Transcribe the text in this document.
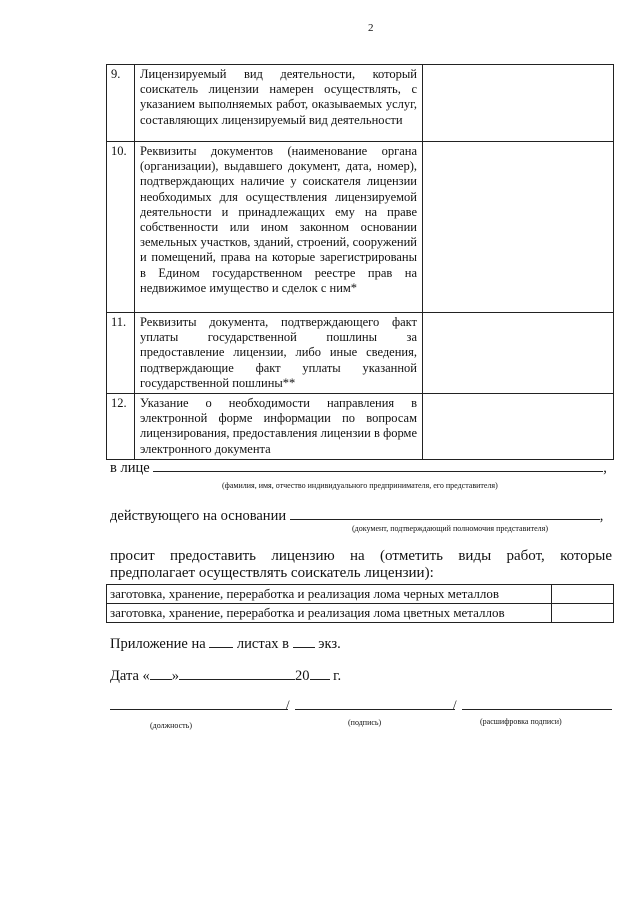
2
9.	Лицензируемый вид деятельности, который соискатель лицензии намерен осуществлять, с указанием выполняемых работ, оказываемых услуг, составляющих лицензируемый вид деятельности	
10.	Реквизиты документов (наименование органа (организации), выдавшего документ, дата, номер), подтверждающих наличие у соискателя лицензии необходимых для осуществления лицензируемой деятельности и принадлежащих ему на праве собственности или ином законном основании земельных участков, зданий, строений, сооружений и помещений, права на которые зарегистрированы в Едином государственном реестре прав на недвижимое имущество и сделок с ним*	
11.	Реквизиты документа, подтверждающего факт уплаты государственной пошлины за предоставление лицензии, либо иные сведения, подтверждающие факт уплаты указанной государственной пошлины**	
12.	Указание о необходимости направления в электронной форме информации по вопросам лицензирования, предоставления лицензии в форме электронного документа	
в лице	,
(фамилия, имя, отчество индивидуального предпринимателя, его представителя)
действующего на основании	,
(документ, подтверждающий полномочия представителя)
просит предоставить лицензию на (отметить виды работ, которые предполагает осуществлять соискатель лицензии):
заготовка, хранение, переработка и реализация лома черных металлов	
заготовка, хранение, переработка и реализация лома цветных металлов	
Приложение на листах в экз.
Дата « »	20 г.
/	/
(должность)	(подпись)	(расшифровка подписи)
